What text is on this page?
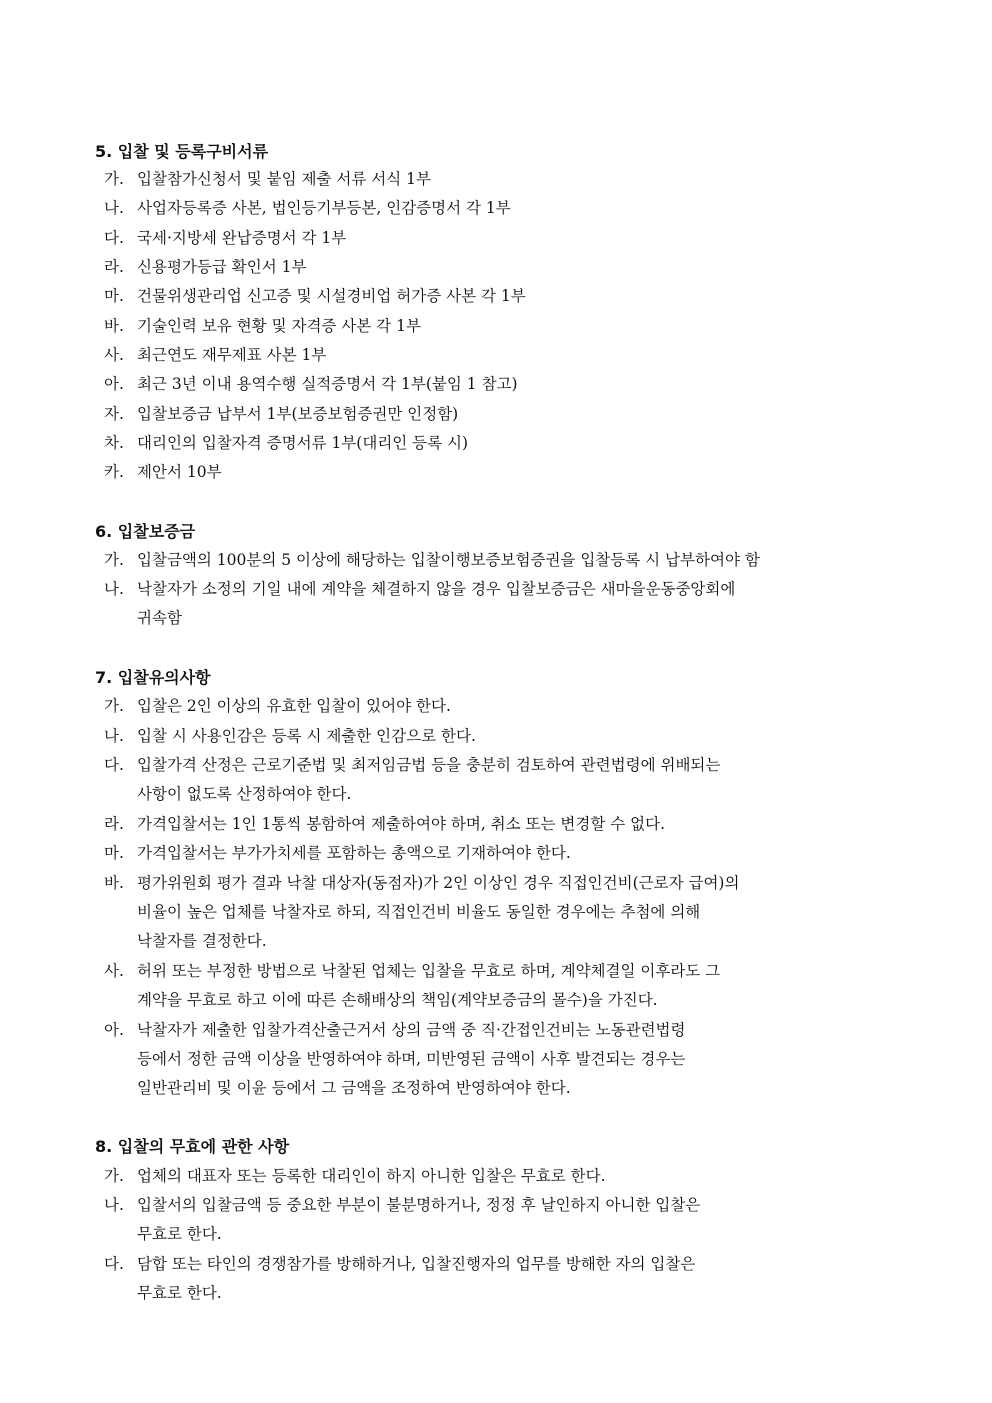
5. 입찰 및 등록구비서류
가. 입찰참가신청서 및 붙임 제출 서류 서식 1부
나. 사업자등록증 사본, 법인등기부등본, 인감증명서 각 1부
다. 국세·지방세 완납증명서 각 1부
라. 신용평가등급 확인서 1부
마. 건물위생관리업 신고증 및 시설경비업 허가증 사본 각 1부
바. 기술인력 보유 현황 및 자격증 사본 각 1부
사. 최근연도 재무제표 사본 1부
아. 최근 3년 이내 용역수행 실적증명서 각 1부(붙임 1 참고)
자. 입찰보증금 납부서 1부(보증보험증권만 인정함)
차. 대리인의 입찰자격 증명서류 1부(대리인 등록 시)
카. 제안서 10부
6. 입찰보증금
가. 입찰금액의 100분의 5 이상에 해당하는 입찰이행보증보험증권을 입찰등록 시 납부하여야 함
나. 낙찰자가 소정의 기일 내에 계약을 체결하지 않을 경우 입찰보증금은 새마을운동중앙회에
귀속함
7. 입찰유의사항
가. 입찰은 2인 이상의 유효한 입찰이 있어야 한다.
나. 입찰 시 사용인감은 등록 시 제출한 인감으로 한다.
다. 입찰가격 산정은 근로기준법 및 최저임금법 등을 충분히 검토하여 관련법령에 위배되는
사항이 없도록 산정하여야 한다.
라. 가격입찰서는 1인 1통씩 봉함하여 제출하여야 하며, 취소 또는 변경할 수 없다.
마. 가격입찰서는 부가가치세를 포함하는 총액으로 기재하여야 한다.
바. 평가위원회 평가 결과 낙찰 대상자(동점자)가 2인 이상인 경우 직접인건비(근로자 급여)의
비율이 높은 업체를 낙찰자로 하되, 직접인건비 비율도 동일한 경우에는 추첨에 의해
낙찰자를 결정한다.
사. 허위 또는 부정한 방법으로 낙찰된 업체는 입찰을 무효로 하며, 계약체결일 이후라도 그
계약을 무효로 하고 이에 따른 손해배상의 책임(계약보증금의 몰수)을 가진다.
아. 낙찰자가 제출한 입찰가격산출근거서 상의 금액 중 직·간접인건비는 노동관련법령
등에서 정한 금액 이상을 반영하여야 하며, 미반영된 금액이 사후 발견되는 경우는
일반관리비 및 이윤 등에서 그 금액을 조정하여 반영하여야 한다.
8. 입찰의 무효에 관한 사항
가. 업체의 대표자 또는 등록한 대리인이 하지 아니한 입찰은 무효로 한다.
나. 입찰서의 입찰금액 등 중요한 부분이 불분명하거나, 정정 후 날인하지 아니한 입찰은
무효로 한다.
다. 담합 또는 타인의 경쟁참가를 방해하거나, 입찰진행자의 업무를 방해한 자의 입찰은
무효로 한다.
